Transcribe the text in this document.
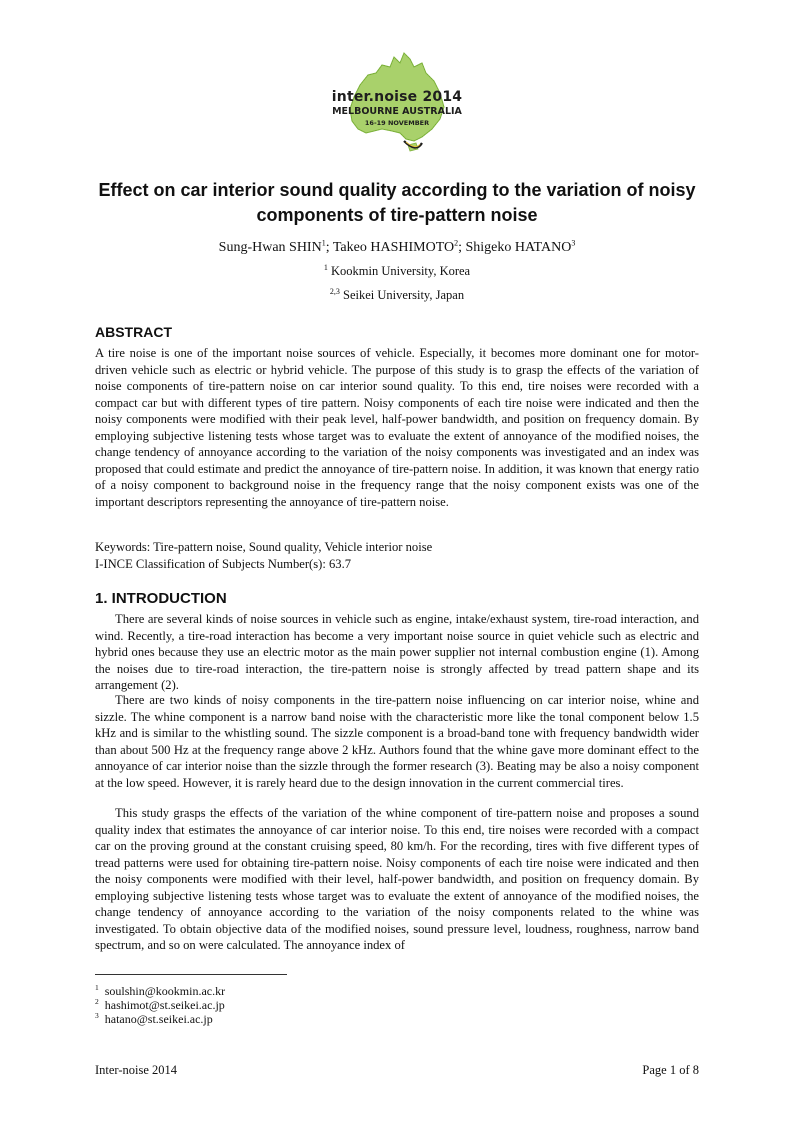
inter.noise 2014
MELBOURNE AUSTRALIA
16-19 NOVEMBER
Effect on car interior sound quality according to the variation of noisy components of tire-pattern noise
Sung-Hwan SHIN$^1$; Takeo HASHIMOTO$^2$; Shigeko HATANO$^3$
$^1$ Kookmin University, Korea
$^{2,3}$ Seikei University, Japan
ABSTRACT

A tire noise is one of the important noise sources of vehicle. Especially, it becomes more dominant one for motor-driven vehicle such as electric or hybrid vehicle. The purpose of this study is to grasp the effects of the variation of noise components of tire-pattern noise on car interior sound quality. To this end, tire noises were recorded with a compact car but with different types of tire pattern. Noisy components of each tire noise were indicated and then the noisy components were modified with their peak level, half-power bandwidth, and position on frequency domain. By employing subjective listening tests whose target was to evaluate the extent of annoyance of the modified noises, the change tendency of annoyance according to the variation of the noisy components was investigated and an index was proposed that could estimate and predict the annoyance of tire-pattern noise. In addition, it was known that energy ratio of a noisy component to background noise in the frequency range that the noisy component exists was one of the important descriptors representing the annoyance of tire-pattern noise.

Keywords: Tire-pattern noise, Sound quality, Vehicle interior noise
I-INCE Classification of Subjects Number(s): 63.7
1. INTRODUCTION

There are several kinds of noise sources in vehicle such as engine, intake/exhaust system, tire-road interaction, and wind. Recently, a tire-road interaction has become a very important noise source in quiet vehicle such as electric and hybrid ones because they use an electric motor as the main power supplier not internal combustion engine (1). Among the noises due to tire-road interaction, the tire-pattern noise is strongly affected by tread pattern shape and its arrangement (2).

There are two kinds of noisy components in the tire-pattern noise influencing on car interior noise, whine and sizzle. The whine component is a narrow band noise with the characteristic more like the tonal component below 1.5 kHz and is similar to the whistling sound. The sizzle component is a broad-band tone with frequency bandwidth wider than about 500 Hz at the frequency range above 2 kHz. Authors found that the whine gave more dominant effect to the annoyance of car interior noise than the sizzle through the former research (3). Beating may be also a noisy component at the low speed. However, it is rarely heard due to the design innovation in the current commercial tires.

This study grasps the effects of the variation of the whine component of tire-pattern noise and proposes a sound quality index that estimates the annoyance of car interior noise. To this end, tire noises were recorded with a compact car on the proving ground at the constant cruising speed, 80 km/h. For the recording, tires with five different types of tread patterns were used for obtaining tire-pattern noise. Noisy components of each tire noise were indicated and then the noisy components were modified with their level, half-power bandwidth, and position on frequency domain. By employing subjective listening tests whose target was to evaluate the extent of annoyance of the modified noises, the change tendency of annoyance according to the variation of the noisy components related to the whine was investigated. To obtain objective data of the modified noises, sound pressure level, loudness, roughness, narrow band spectrum, and so on were calculated. The annoyance index of

$^1$ soulshin@kookmin.ac.kr
$^2$ hashimot@st.seikei.ac.jp
$^3$ hatano@st.seikei.ac.jp
Inter-noise 2014	Page 1 of 8
